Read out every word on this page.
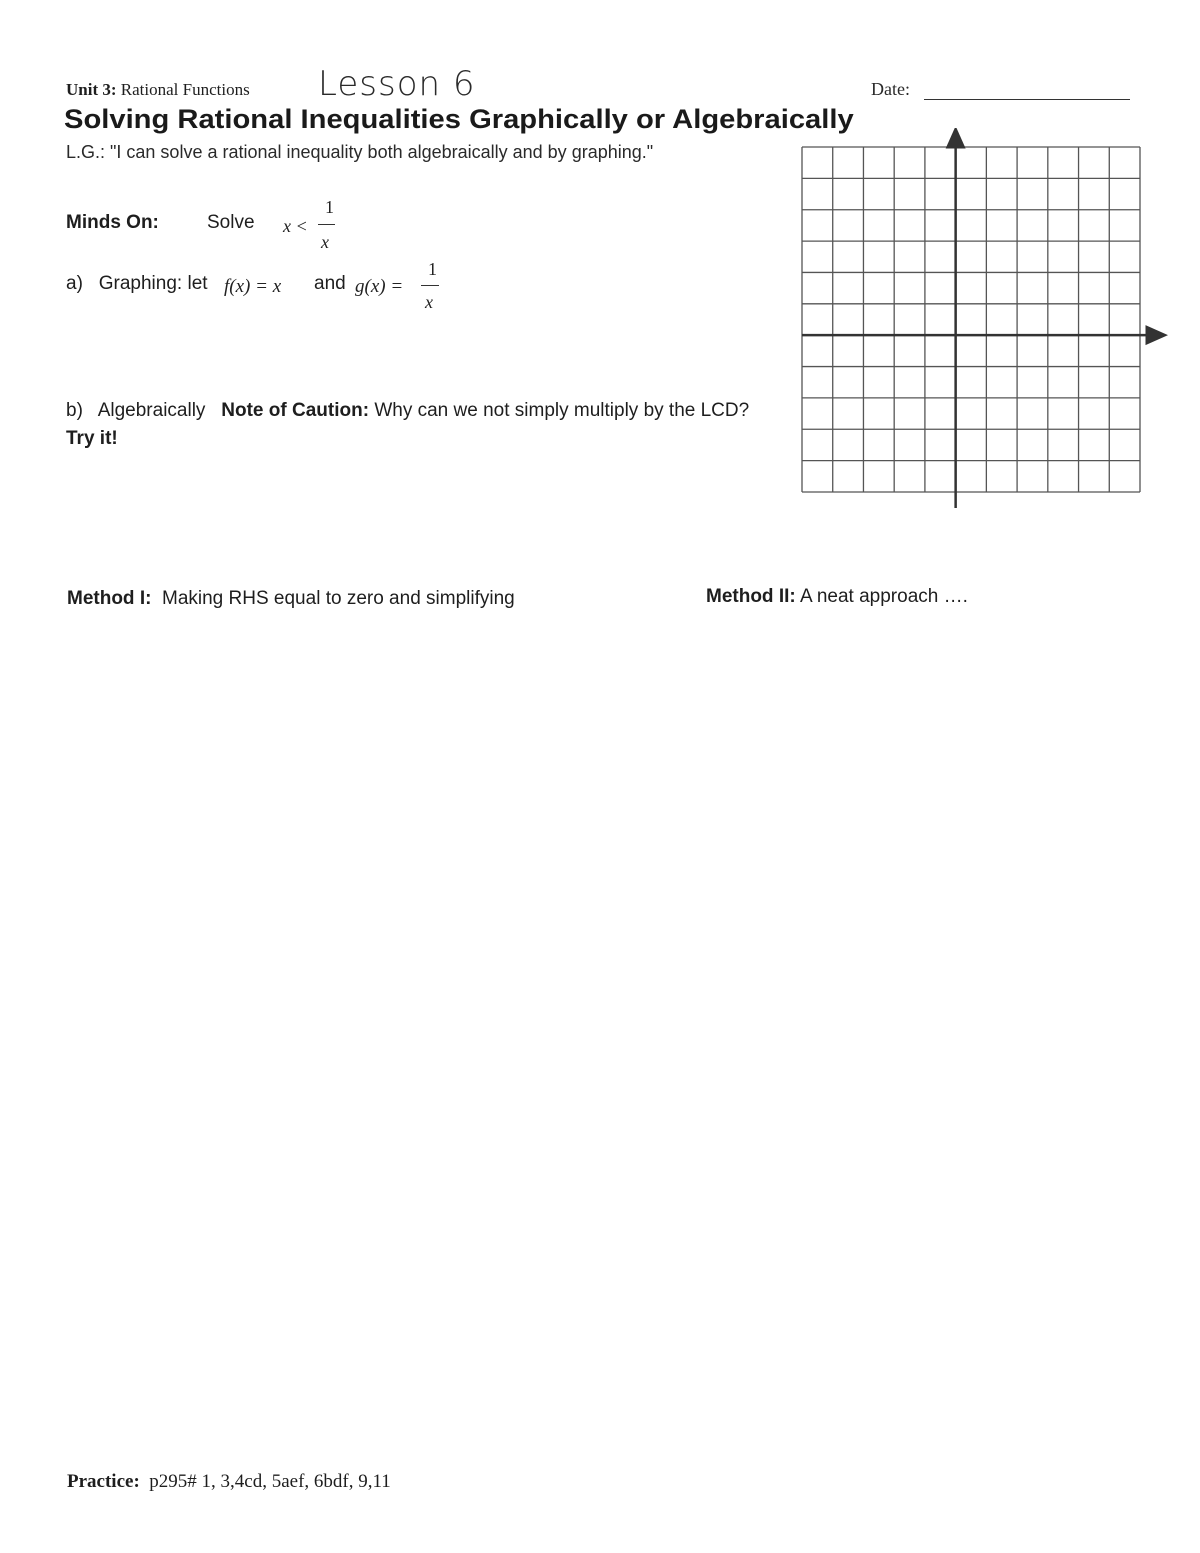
Unit 3: Rational Functions Lesson 6	Date:
Solving Rational Inequalities Graphically or Algebraically
L.G.: "I can solve a rational inequality both algebraically and by graphing."
Minds On:	Solve x <
1
x
a) Graphing: let f(x) = x and g(x) =
1
x
b) Algebraically Note of Caution: Why can we not simply multiply by the LCD?
Try it!
Method I: Making RHS equal to zero and simplifying	Method II: A neat approach ….
Practice: p295# 1, 3,4cd, 5aef, 6bdf, 9,11
